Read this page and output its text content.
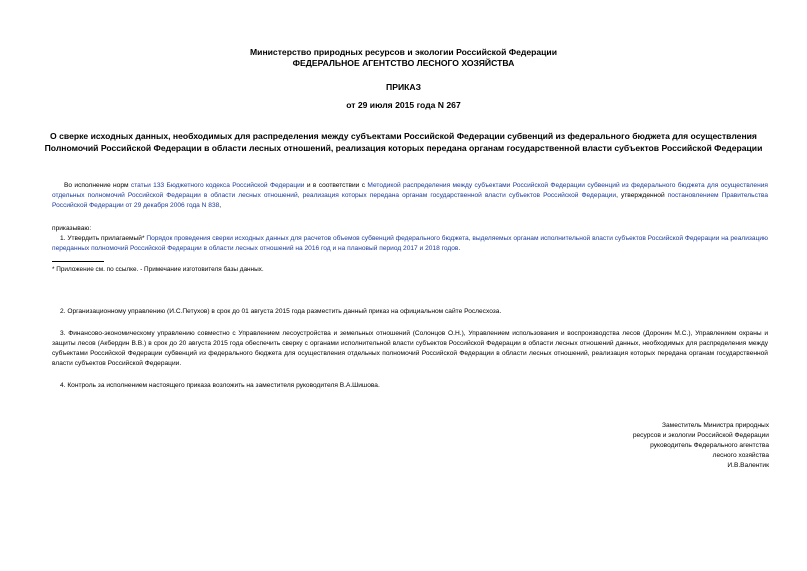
Министерство природных ресурсов и экологии Российской Федерации
ФЕДЕРАЛЬНОЕ АГЕНТСТВО ЛЕСНОГО ХОЗЯЙСТВА
ПРИКАЗ
от 29 июля 2015 года N 267
О сверке исходных данных, необходимых для распределения между субъектами Российской Федерации субвенций из федерального бюджета для осуществления Полномочий Российской Федерации в области лесных отношений, реализация которых передана органам государственной власти субъектов Российской Федерации
Во исполнение норм статьи 133 Бюджетного кодекса Российской Федерации и в соответствии с Методикой распределения между субъектами Российской Федерации субвенций из федерального бюджета для осуществления отдельных полномочий Российской Федерации в области лесных отношений, реализация которых передана органам государственной власти субъектов Российской Федерации, утвержденной постановлением Правительства Российской Федерации от 29 декабря 2006 года N 838,
приказываю:
1. Утвердить прилагаемый* Порядок проведения сверки исходных данных для расчетов объемов субвенций федерального бюджета, выделяемых органам исполнительной власти субъектов Российской Федерации на реализацию переданных полномочий Российской Федерации в области лесных отношений на 2016 год и на плановый период 2017 и 2018 годов.
* Приложение см. по ссылке. - Примечание изготовителя базы данных.
2. Организационному управлению (И.С.Петухов) в срок до 01 августа 2015 года разместить данный приказ на официальном сайте Рослесхоза.
3. Финансово-экономическому управлению совместно с Управлением лесоустройства и земельных отношений (Солонцов О.Н.), Управлением использования и воспроизводства лесов (Доронин М.С.), Управлением охраны и защиты лесов (Акбердин В.В.) в срок до 20 августа 2015 года обеспечить сверку с органами исполнительной власти субъектов Российской Федерации в области лесных отношений данных, необходимых для распределения между субъектами Российской Федерации субвенций из федерального бюджета для осуществления отдельных полномочий Российской Федерации в области лесных отношений, реализация которых передана органам государственной власти субъектов Российской Федерации.
4. Контроль за исполнением настоящего приказа возложить на заместителя руководителя В.А.Шишова.
Заместитель Министра природных
ресурсов и экологии Российской Федерации
руководитель Федерального агентства
лесного хозяйства
И.В.Валентик
